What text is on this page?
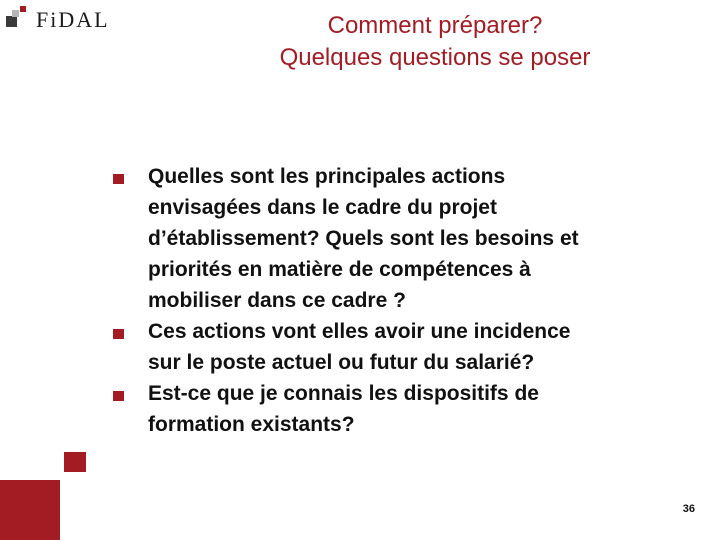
FiDAL	Comment préparer?
Quelques questions se poser
Quelles sont les principales actions
envisagées dans le cadre du projet
d’établissement? Quels sont les besoins et
priorités en matière de compétences à
mobiliser dans ce cadre ?
Ces actions vont elles avoir une incidence
sur le poste actuel ou futur du salarié?
Est-ce que je connais les dispositifs de
formation existants?
36
